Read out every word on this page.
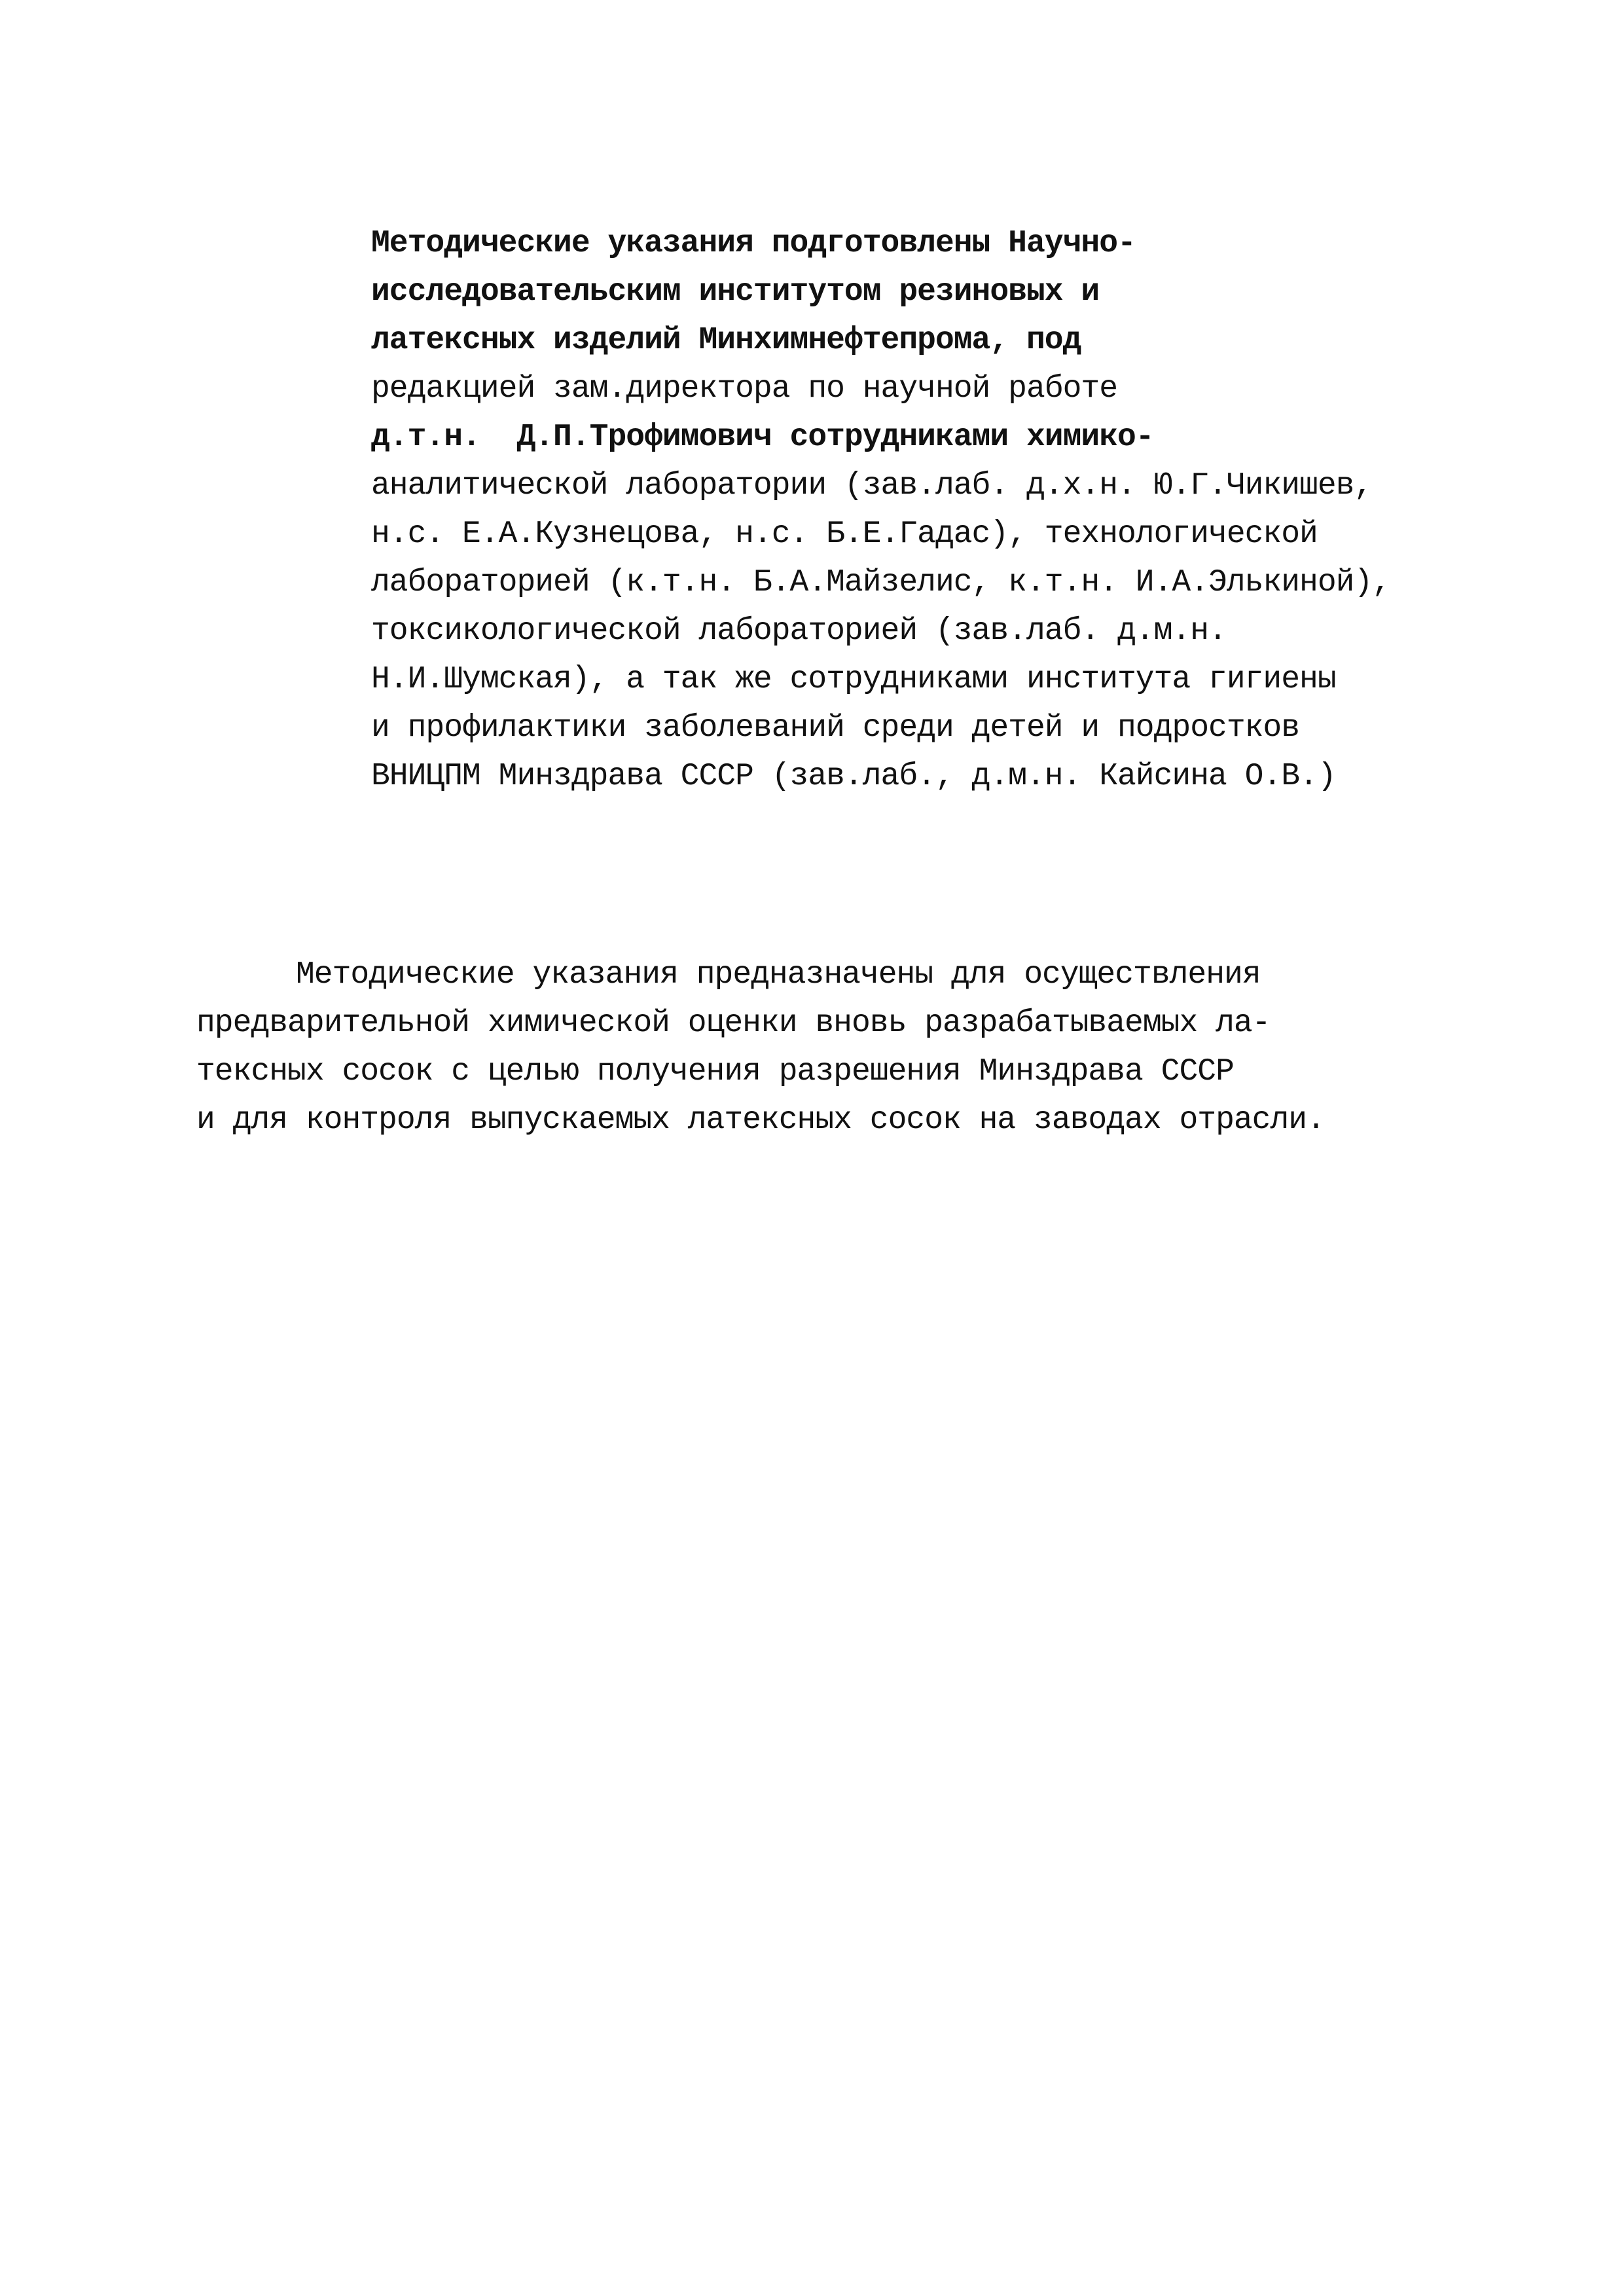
Методические указания подготовлены Научно-
исследовательским институтом резиновых и
латексных изделий Минхимнефтепрома, под
редакцией зам.директора по научной работе
д.т.н.  Д.П.Трофимович сотрудниками химико-
аналитической лаборатории (зав.лаб. д.х.н. Ю.Г.Чикишев,
н.с. Е.А.Кузнецова, н.с. Б.Е.Гадас), технологической
лабораторией (к.т.н. Б.А.Майзелис, к.т.н. И.А.Элькиной),
токсикологической лабораторией (зав.лаб. д.м.н.
Н.И.Шумская), а так же сотрудниками института гигиены
и профилактики заболеваний среди детей и подростков
ВНИЦПМ Минздрава СССР (зав.лаб., д.м.н. Кайсина О.В.)
Методические указания предназначены для осуществления
предварительной химической оценки вновь разрабатываемых ла-
тексных сосок с целью получения разрешения Минздрава СССР
и для контроля выпускаемых латексных сосок на заводах отрасли.
